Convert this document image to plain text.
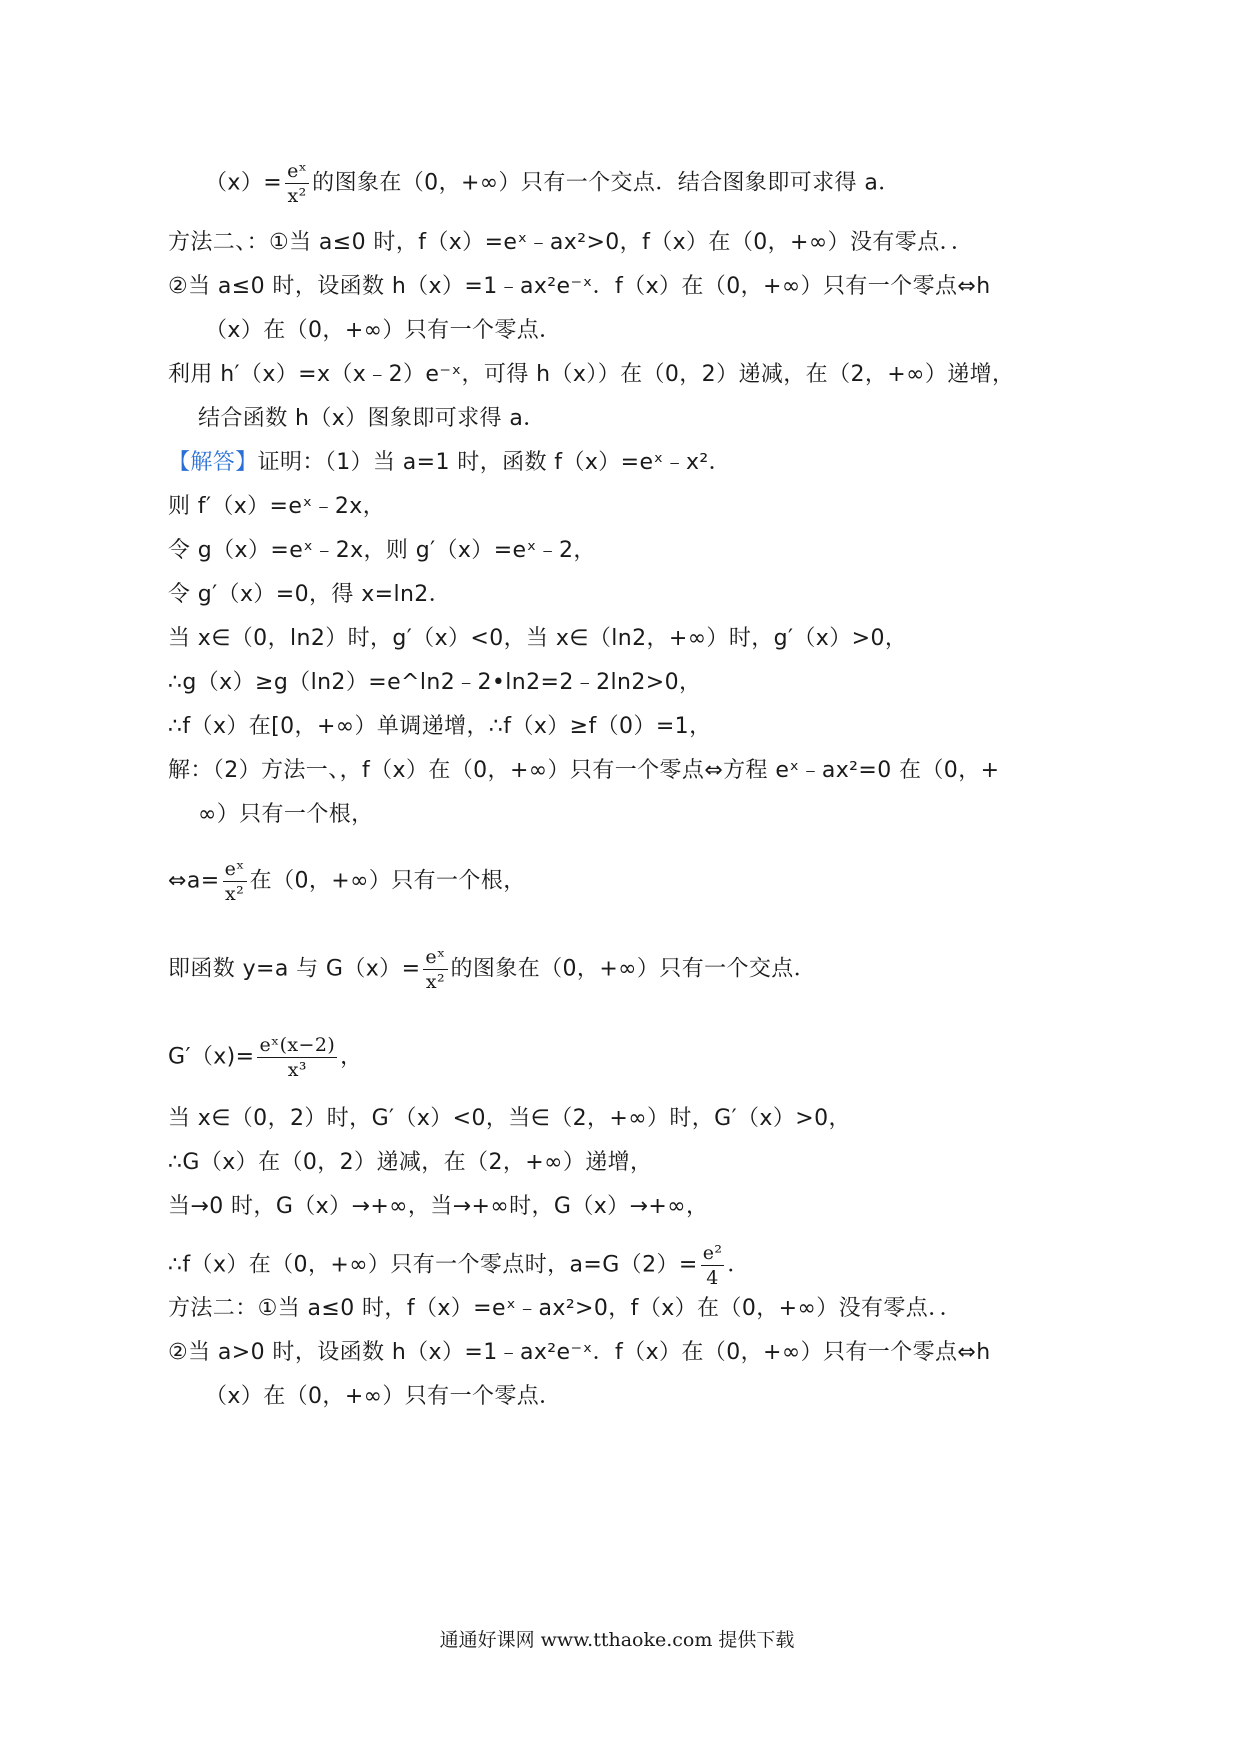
$(x)= \frac{\text{eˣ}}{\text{x²}}$ 的图象在（0，+∞）只有一个交点．结合图象即可求得 a．
方法二、：①当 a≤0 时，f（x）=eˣ﹣ax²>0，f（x）在（0，+∞）没有零点．．
②当 a≤0 时，设函数 h（x）=1﹣ax²e⁻ˣ．f（x）在（0，+∞）只有一个零点⇔h
（x）在（0，+∞）只有一个零点．
利用 h′（x）=x（x﹣2）e⁻ˣ，可得 h（x））在（0，2）递减，在（2，+∞）递增，
结合函数 h（x）图象即可求得 a．
【解答】证明：（1）当 a=1 时，函数 f（x）=eˣ﹣x²．
则 f′（x）=eˣ﹣2x，
令 g（x）=eˣ﹣2x，则 g′（x）=eˣ﹣2，
令 g′（x）=0，得 x=ln2．
当 x∈（0，ln2）时，g′（x）<0，当 x∈（ln2，+∞）时，g′（x）>0，
∴g（x）≥g（ln2）=e^ln2﹣2•ln2=2﹣2ln2>0，
∴f（x）在[0，+∞）单调递增，∴f（x）≥f（0）=1，
解：（2）方法一、，f（x）在（0，+∞）只有一个零点⇔方程 eˣ﹣ax²=0 在（0，+
∞）只有一个根，
⇔a= $\frac{\text{eˣ}}{\text{x²}}$ 在（0，+∞）只有一个根，
即函数 y=a 与 $G(x)= \frac{\text{eˣ}}{\text{x²}}$ 的图象在（0，+∞）只有一个交点．
$G'(x)= \frac{\text{eˣ(x−2)}}{\text{x³}}$ ，
当 x∈（0，2）时，G′（x）<0，当∈（2，+∞）时，G′（x）>0，
∴G（x）在（0，2）递减，在（2，+∞）递增，
当→0 时，G（x）→+∞，当→+∞时，G（x）→+∞，
∴f（x）在（0，+∞）只有一个零点时，$a=G(2)= \frac{\text{e²}}{4}$ ．
方法二：①当 a≤0 时，f（x）=eˣ﹣ax²>0，f（x）在（0，+∞）没有零点．．
②当 a>0 时，设函数 h（x）=1﹣ax²e⁻ˣ．f（x）在（0，+∞）只有一个零点⇔h
（x）在（0，+∞）只有一个零点．
通通好课网 www.tthaoke.com 提供下载
